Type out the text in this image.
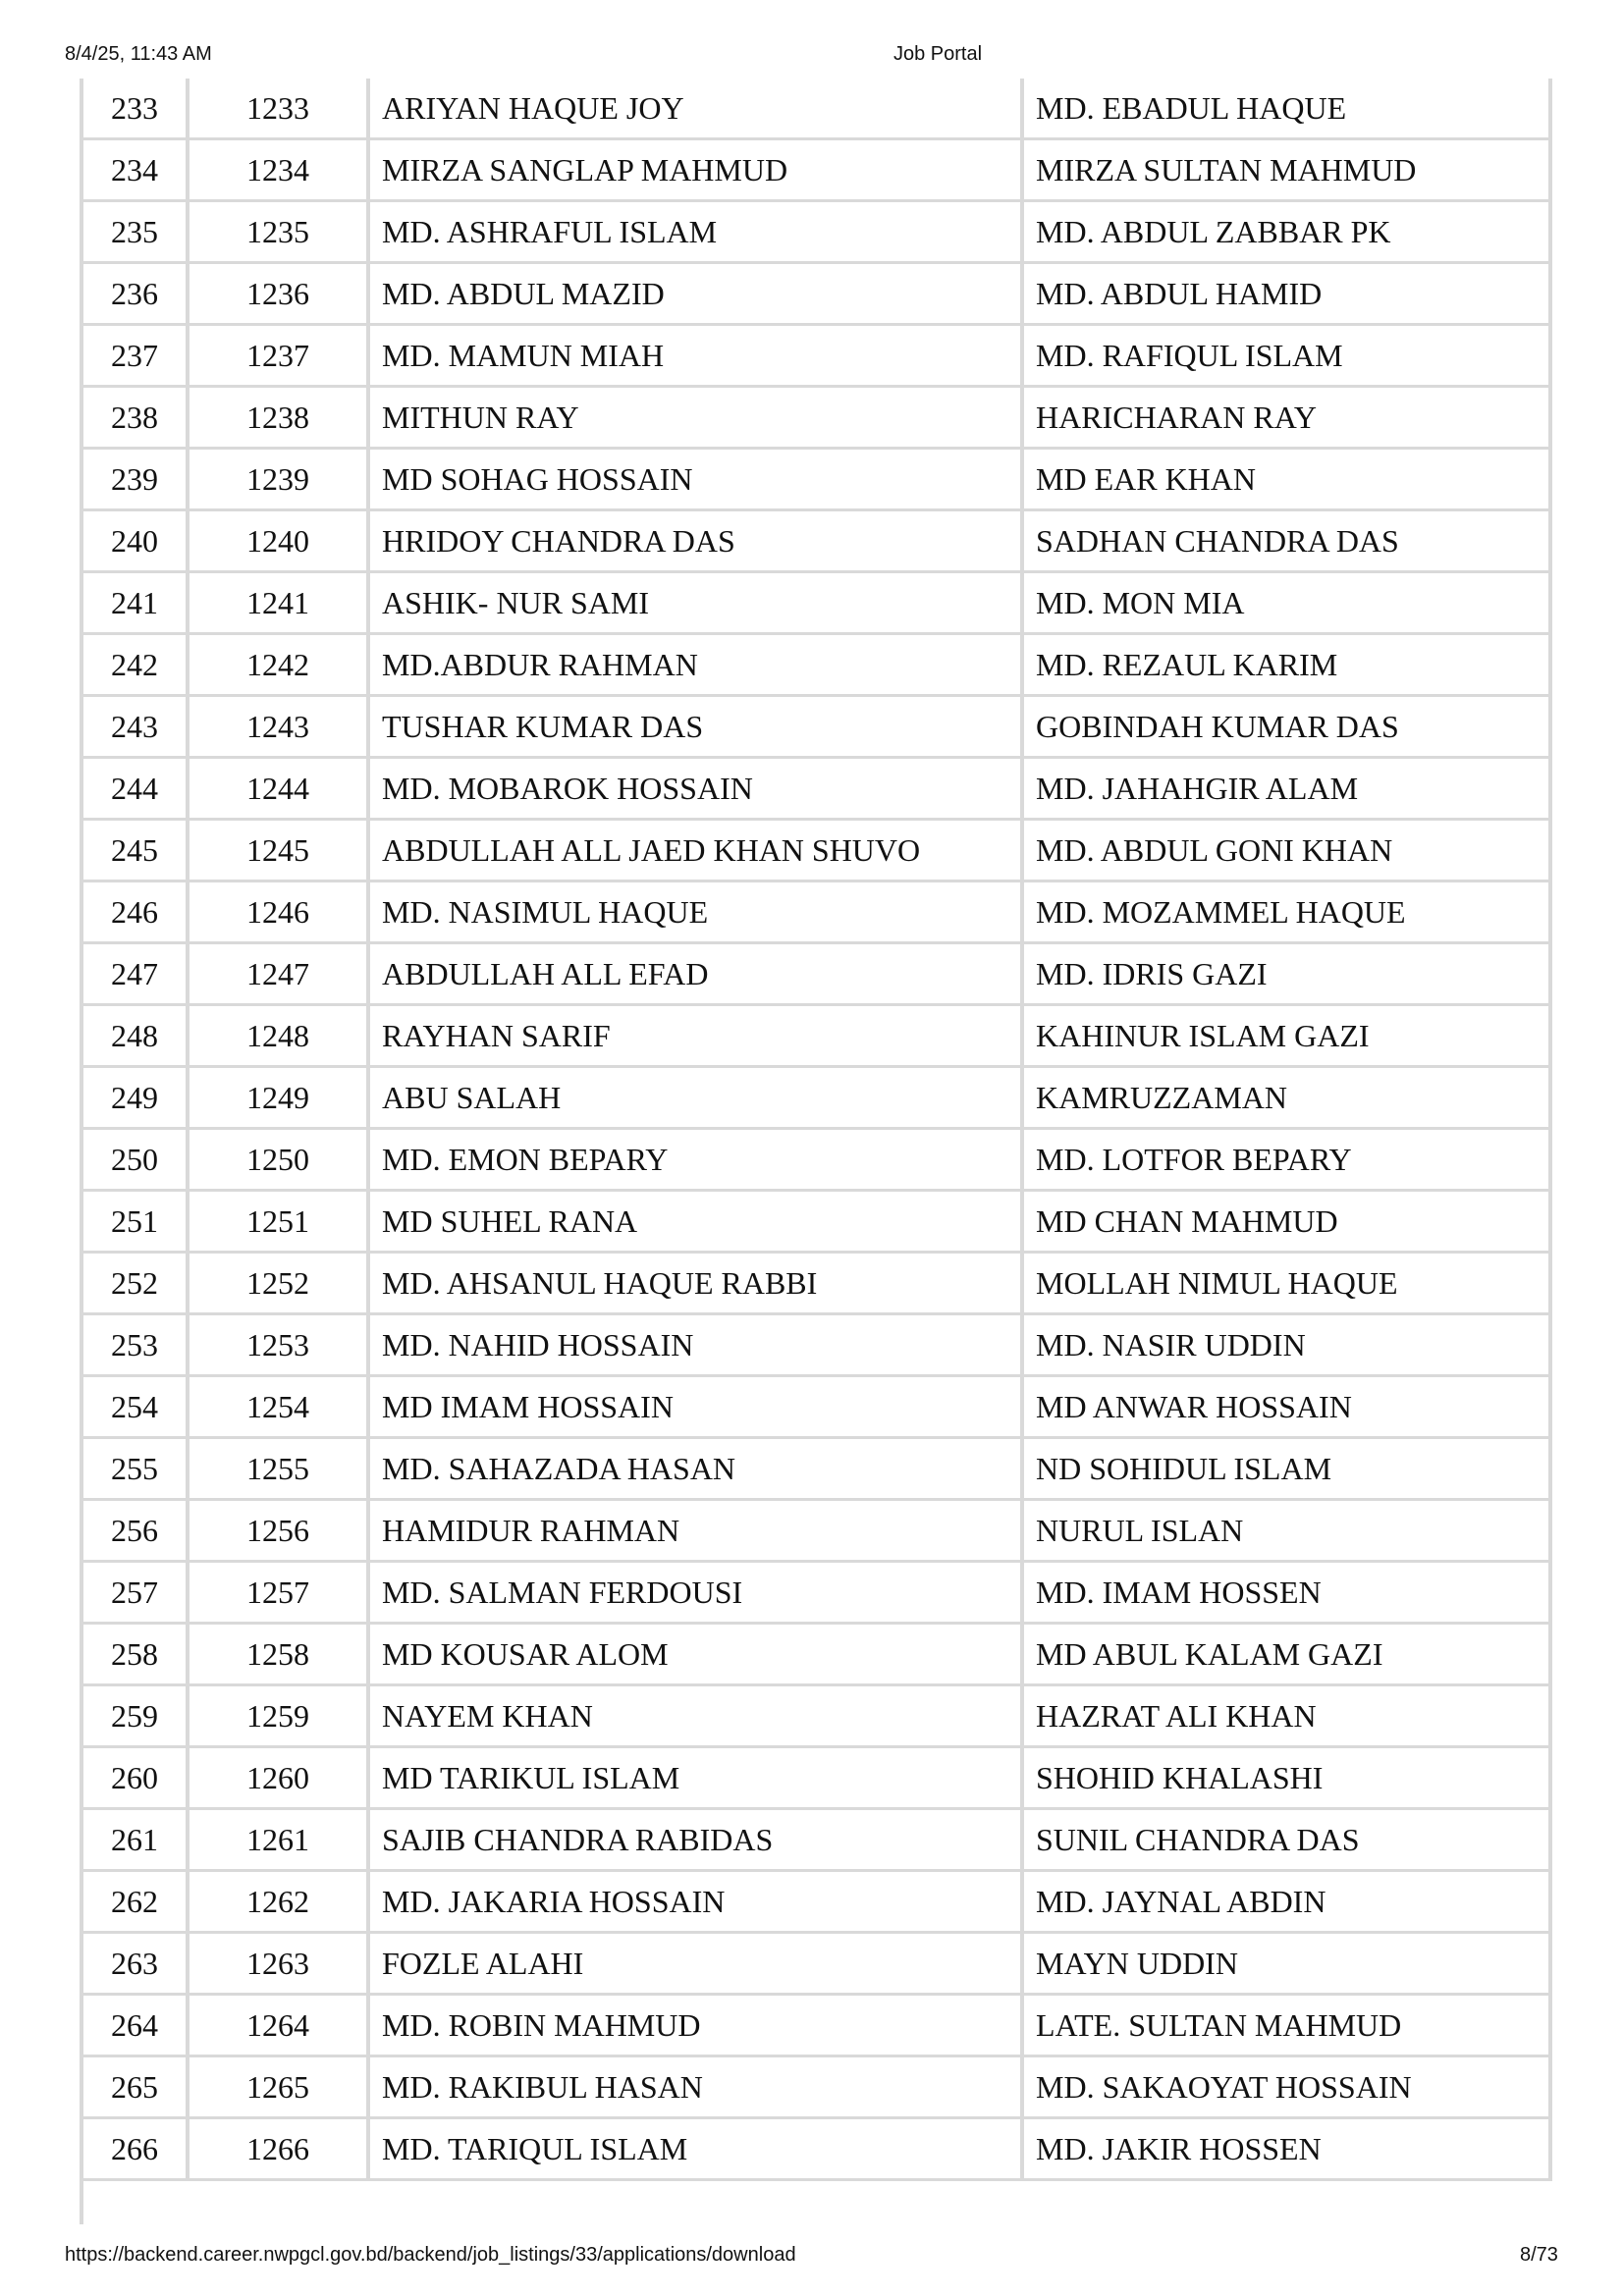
8/4/25, 11:43 AM	Job Portal
233	1233	ARIYAN HAQUE JOY	MD. EBADUL HAQUE
234	1234	MIRZA SANGLAP MAHMUD	MIRZA SULTAN MAHMUD
235	1235	MD. ASHRAFUL ISLAM	MD. ABDUL ZABBAR PK
236	1236	MD. ABDUL MAZID	MD. ABDUL HAMID
237	1237	MD. MAMUN MIAH	MD. RAFIQUL ISLAM
238	1238	MITHUN RAY	HARICHARAN RAY
239	1239	MD SOHAG HOSSAIN	MD EAR KHAN
240	1240	HRIDOY CHANDRA DAS	SADHAN CHANDRA DAS
241	1241	ASHIK- NUR SAMI	MD. MON MIA
242	1242	MD.ABDUR RAHMAN	MD. REZAUL KARIM
243	1243	TUSHAR KUMAR DAS	GOBINDAH KUMAR DAS
244	1244	MD. MOBAROK HOSSAIN	MD. JAHAHGIR ALAM
245	1245	ABDULLAH ALL JAED KHAN SHUVO	MD. ABDUL GONI KHAN
246	1246	MD. NASIMUL HAQUE	MD. MOZAMMEL HAQUE
247	1247	ABDULLAH ALL EFAD	MD. IDRIS GAZI
248	1248	RAYHAN SARIF	KAHINUR ISLAM GAZI
249	1249	ABU SALAH	KAMRUZZAMAN
250	1250	MD. EMON BEPARY	MD. LOTFOR BEPARY
251	1251	MD SUHEL RANA	MD CHAN MAHMUD
252	1252	MD. AHSANUL HAQUE RABBI	MOLLAH NIMUL HAQUE
253	1253	MD. NAHID HOSSAIN	MD. NASIR UDDIN
254	1254	MD IMAM HOSSAIN	MD ANWAR HOSSAIN
255	1255	MD. SAHAZADA HASAN	ND SOHIDUL ISLAM
256	1256	HAMIDUR RAHMAN	NURUL ISLAN
257	1257	MD. SALMAN FERDOUSI	MD. IMAM HOSSEN
258	1258	MD KOUSAR ALOM	MD ABUL KALAM GAZI
259	1259	NAYEM KHAN	HAZRAT ALI KHAN
260	1260	MD TARIKUL ISLAM	SHOHID KHALASHI
261	1261	SAJIB CHANDRA RABIDAS	SUNIL CHANDRA DAS
262	1262	MD. JAKARIA HOSSAIN	MD. JAYNAL ABDIN
263	1263	FOZLE ALAHI	MAYN UDDIN
264	1264	MD. ROBIN MAHMUD	LATE. SULTAN MAHMUD
265	1265	MD. RAKIBUL HASAN	MD. SAKAOYAT HOSSAIN
266	1266	MD. TARIQUL ISLAM	MD. JAKIR HOSSEN
https://backend.career.nwpgcl.gov.bd/backend/job_listings/33/applications/download	8/73
